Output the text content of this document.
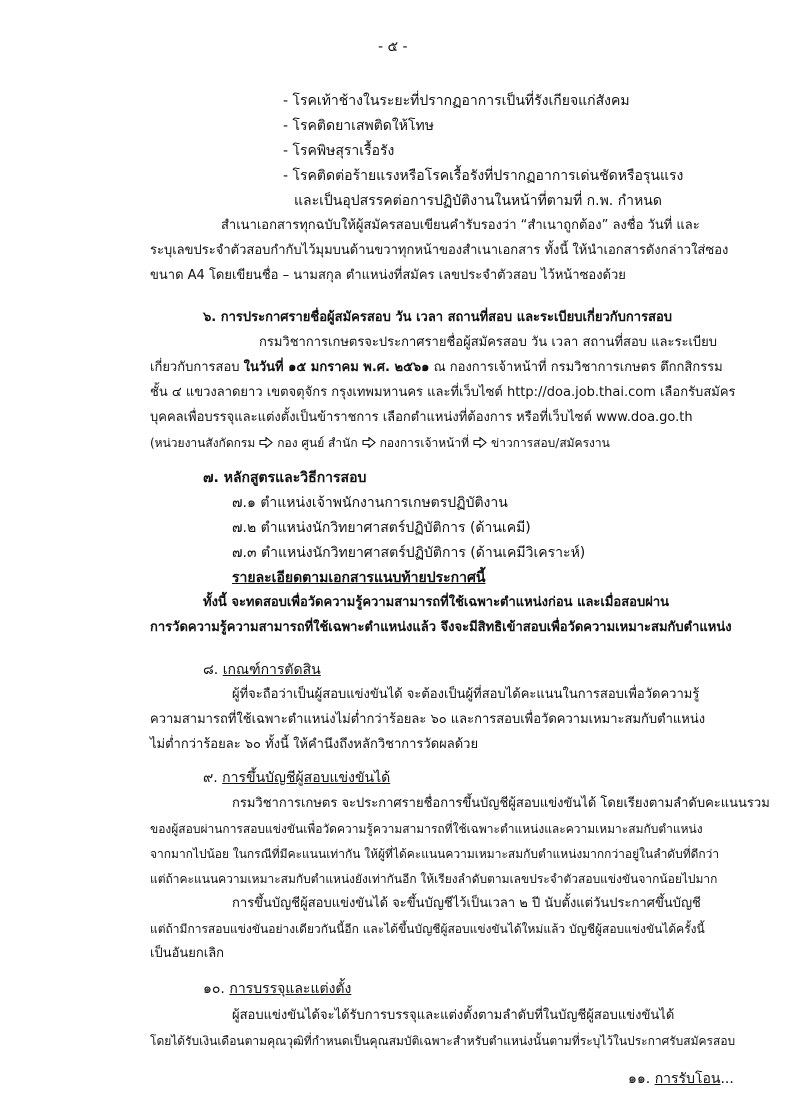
- ๕ -
- โรคเท้าช้างในระยะที่ปรากฏอาการเป็นที่รังเกียจแก่สังคม
- โรคติดยาเสพติดให้โทษ
- โรคพิษสุราเรื้อรัง
- โรคติดต่อร้ายแรงหรือโรคเรื้อรังที่ปรากฏอาการเด่นชัดหรือรุนแรง
และเป็นอุปสรรคต่อการปฏิบัติงานในหน้าที่ตามที่ ก.พ. กำหนด
สำเนาเอกสารทุกฉบับให้ผู้สมัครสอบเขียนคำรับรองว่า “สำเนาถูกต้อง” ลงชื่อ วันที่ และ
ระบุเลขประจำตัวสอบกำกับไว้มุมบนด้านขวาทุกหน้าของสำเนาเอกสาร ทั้งนี้ ให้นำเอกสารดังกล่าวใส่ซอง
ขนาด A4 โดยเขียนชื่อ – นามสกุล ตำแหน่งที่สมัคร เลขประจำตัวสอบ ไว้หน้าซองด้วย
๖. การประกาศรายชื่อผู้สมัครสอบ วัน เวลา สถานที่สอบ และระเบียบเกี่ยวกับการสอบ
กรมวิชาการเกษตรจะประกาศรายชื่อผู้สมัครสอบ วัน เวลา สถานที่สอบ และระเบียบ
เกี่ยวกับการสอบ ในวันที่ ๑๕ มกราคม พ.ศ. ๒๕๖๑ ณ กองการเจ้าหน้าที่ กรมวิชาการเกษตร ตึกกสิกรรม
ชั้น ๔ แขวงลาดยาว เขตจตุจักร กรุงเทพมหานคร และที่เว็บไซต์ http://doa.job.thai.com เลือกรับสมัคร
บุคคลเพื่อบรรจุและแต่งตั้งเป็นข้าราชการ เลือกตำแหน่งที่ต้องการ หรือที่เว็บไซต์ www.doa.go.th
(หน่วยงานสังกัดกรม กอง ศูนย์ สำนัก กองการเจ้าหน้าที่ ข่าวการสอบ/สมัครงาน
๗. หลักสูตรและวิธีการสอบ
๗.๑ ตำแหน่งเจ้าพนักงานการเกษตรปฏิบัติงาน
๗.๒ ตำแหน่งนักวิทยาศาสตร์ปฏิบัติการ (ด้านเคมี)
๗.๓ ตำแหน่งนักวิทยาศาสตร์ปฏิบัติการ (ด้านเคมีวิเคราะห์)
รายละเอียดตามเอกสารแนบท้ายประกาศนี้
ทั้งนี้ จะทดสอบเพื่อวัดความรู้ความสามารถที่ใช้เฉพาะตำแหน่งก่อน และเมื่อสอบผ่าน
การวัดความรู้ความสามารถที่ใช้เฉพาะตำแหน่งแล้ว จึงจะมีสิทธิเข้าสอบเพื่อวัดความเหมาะสมกับตำแหน่ง
๘. เกณฑ์การตัดสิน
ผู้ที่จะถือว่าเป็นผู้สอบแข่งขันได้ จะต้องเป็นผู้ที่สอบได้คะแนนในการสอบเพื่อวัดความรู้
ความสามารถที่ใช้เฉพาะตำแหน่งไม่ต่ำกว่าร้อยละ ๖๐ และการสอบเพื่อวัดความเหมาะสมกับตำแหน่ง
ไม่ต่ำกว่าร้อยละ ๖๐ ทั้งนี้ ให้คำนึงถึงหลักวิชาการวัดผลด้วย
๙. การขึ้นบัญชีผู้สอบแข่งขันได้
กรมวิชาการเกษตร จะประกาศรายชื่อการขึ้นบัญชีผู้สอบแข่งขันได้ โดยเรียงตามลำดับคะแนนรวม
ของผู้สอบผ่านการสอบแข่งขันเพื่อวัดความรู้ความสามารถที่ใช้เฉพาะตำแหน่งและความเหมาะสมกับตำแหน่ง
จากมากไปน้อย ในกรณีที่มีคะแนนเท่ากัน ให้ผู้ที่ได้คะแนนความเหมาะสมกับตำแหน่งมากกว่าอยู่ในลำดับที่ดีกว่า
แต่ถ้าคะแนนความเหมาะสมกับตำแหน่งยังเท่ากันอีก ให้เรียงลำดับตามเลขประจำตัวสอบแข่งขันจากน้อยไปมาก
การขึ้นบัญชีผู้สอบแข่งขันได้ จะขึ้นบัญชีไว้เป็นเวลา ๒ ปี นับตั้งแต่วันประกาศขึ้นบัญชี
แต่ถ้ามีการสอบแข่งขันอย่างเดียวกันนี้อีก และได้ขึ้นบัญชีผู้สอบแข่งขันได้ใหม่แล้ว บัญชีผู้สอบแข่งขันได้ครั้งนี้
เป็นอันยกเลิก
๑๐. การบรรจุและแต่งตั้ง
ผู้สอบแข่งขันได้จะได้รับการบรรจุและแต่งตั้งตามลำดับที่ในบัญชีผู้สอบแข่งขันได้
โดยได้รับเงินเดือนตามคุณวุฒิที่กำหนดเป็นคุณสมบัติเฉพาะสำหรับตำแหน่งนั้นตามที่ระบุไว้ในประกาศรับสมัครสอบ
๑๑. การรับโอน...
